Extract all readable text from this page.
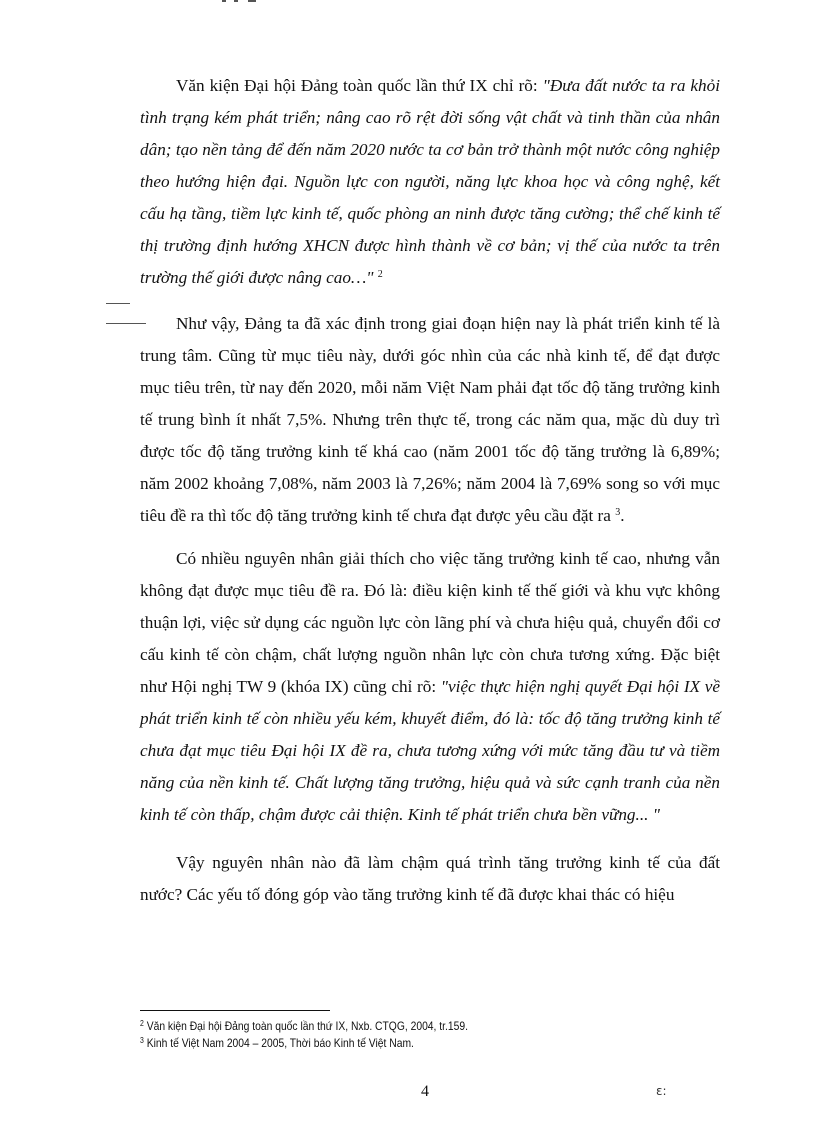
Văn kiện Đại hội Đảng toàn quốc lần thứ IX chỉ rõ: "Đưa đất nước ta ra khỏi tình trạng kém phát triển; nâng cao rõ rệt đời sống vật chất và tinh thần của nhân dân; tạo nền tảng để đến năm 2020 nước ta cơ bản trở thành một nước công nghiệp theo hướng hiện đại. Nguồn lực con người, năng lực khoa học và công nghệ, kết cấu hạ tầng, tiềm lực kinh tế, quốc phòng an ninh được tăng cường; thể chế kinh tế thị trường định hướng XHCN được hình thành về cơ bản; vị thế của nước ta trên trường thế giới được nâng cao…" $^2$

Như vậy, Đảng ta đã xác định trong giai đoạn hiện nay là phát triển kinh tế là trung tâm. Cũng từ mục tiêu này, dưới góc nhìn của các nhà kinh tế, để đạt được mục tiêu trên, từ nay đến 2020, mỗi năm Việt Nam phải đạt tốc độ tăng trưởng kinh tế trung bình ít nhất 7,5%. Nhưng trên thực tế, trong các năm qua, mặc dù duy trì được tốc độ tăng trưởng kinh tế khá cao (năm 2001 tốc độ tăng trưởng là 6,89%; năm 2002 khoảng 7,08%, năm 2003 là 7,26%; năm 2004 là 7,69% song so với mục tiêu đề ra thì tốc độ tăng trưởng kinh tế chưa đạt được yêu cầu đặt ra $^3$.

Có nhiều nguyên nhân giải thích cho việc tăng trưởng kinh tế cao, nhưng vẫn không đạt được mục tiêu đề ra. Đó là: điều kiện kinh tế thế giới và khu vực không thuận lợi, việc sử dụng các nguồn lực còn lãng phí và chưa hiệu quả, chuyển đổi cơ cấu kinh tế còn chậm, chất lượng nguồn nhân lực còn chưa tương xứng. Đặc biệt như Hội nghị TW 9 (khóa IX) cũng chỉ rõ: "việc thực hiện nghị quyết Đại hội IX về phát triển kinh tế còn nhiều yếu kém, khuyết điểm, đó là: tốc độ tăng trưởng kinh tế chưa đạt mục tiêu Đại hội IX đề ra, chưa tương xứng với mức tăng đầu tư và tiềm năng của nền kinh tế. Chất lượng tăng trưởng, hiệu quả và sức cạnh tranh của nền kinh tế còn thấp, chậm được cải thiện. Kinh tế phát triển chưa bền vững... "

Vậy nguyên nhân nào đã làm chậm quá trình tăng trưởng kinh tế của đất nước? Các yếu tố đóng góp vào tăng trưởng kinh tế đã được khai thác có hiệu

$^2$ Văn kiện Đại hội Đảng toàn quốc lần thứ IX, Nxb. CTQG, 2004, tr.159.
$^3$ Kinh tế Việt Nam 2004 – 2005, Thời báo Kinh tế Việt Nam.
4	ε:
